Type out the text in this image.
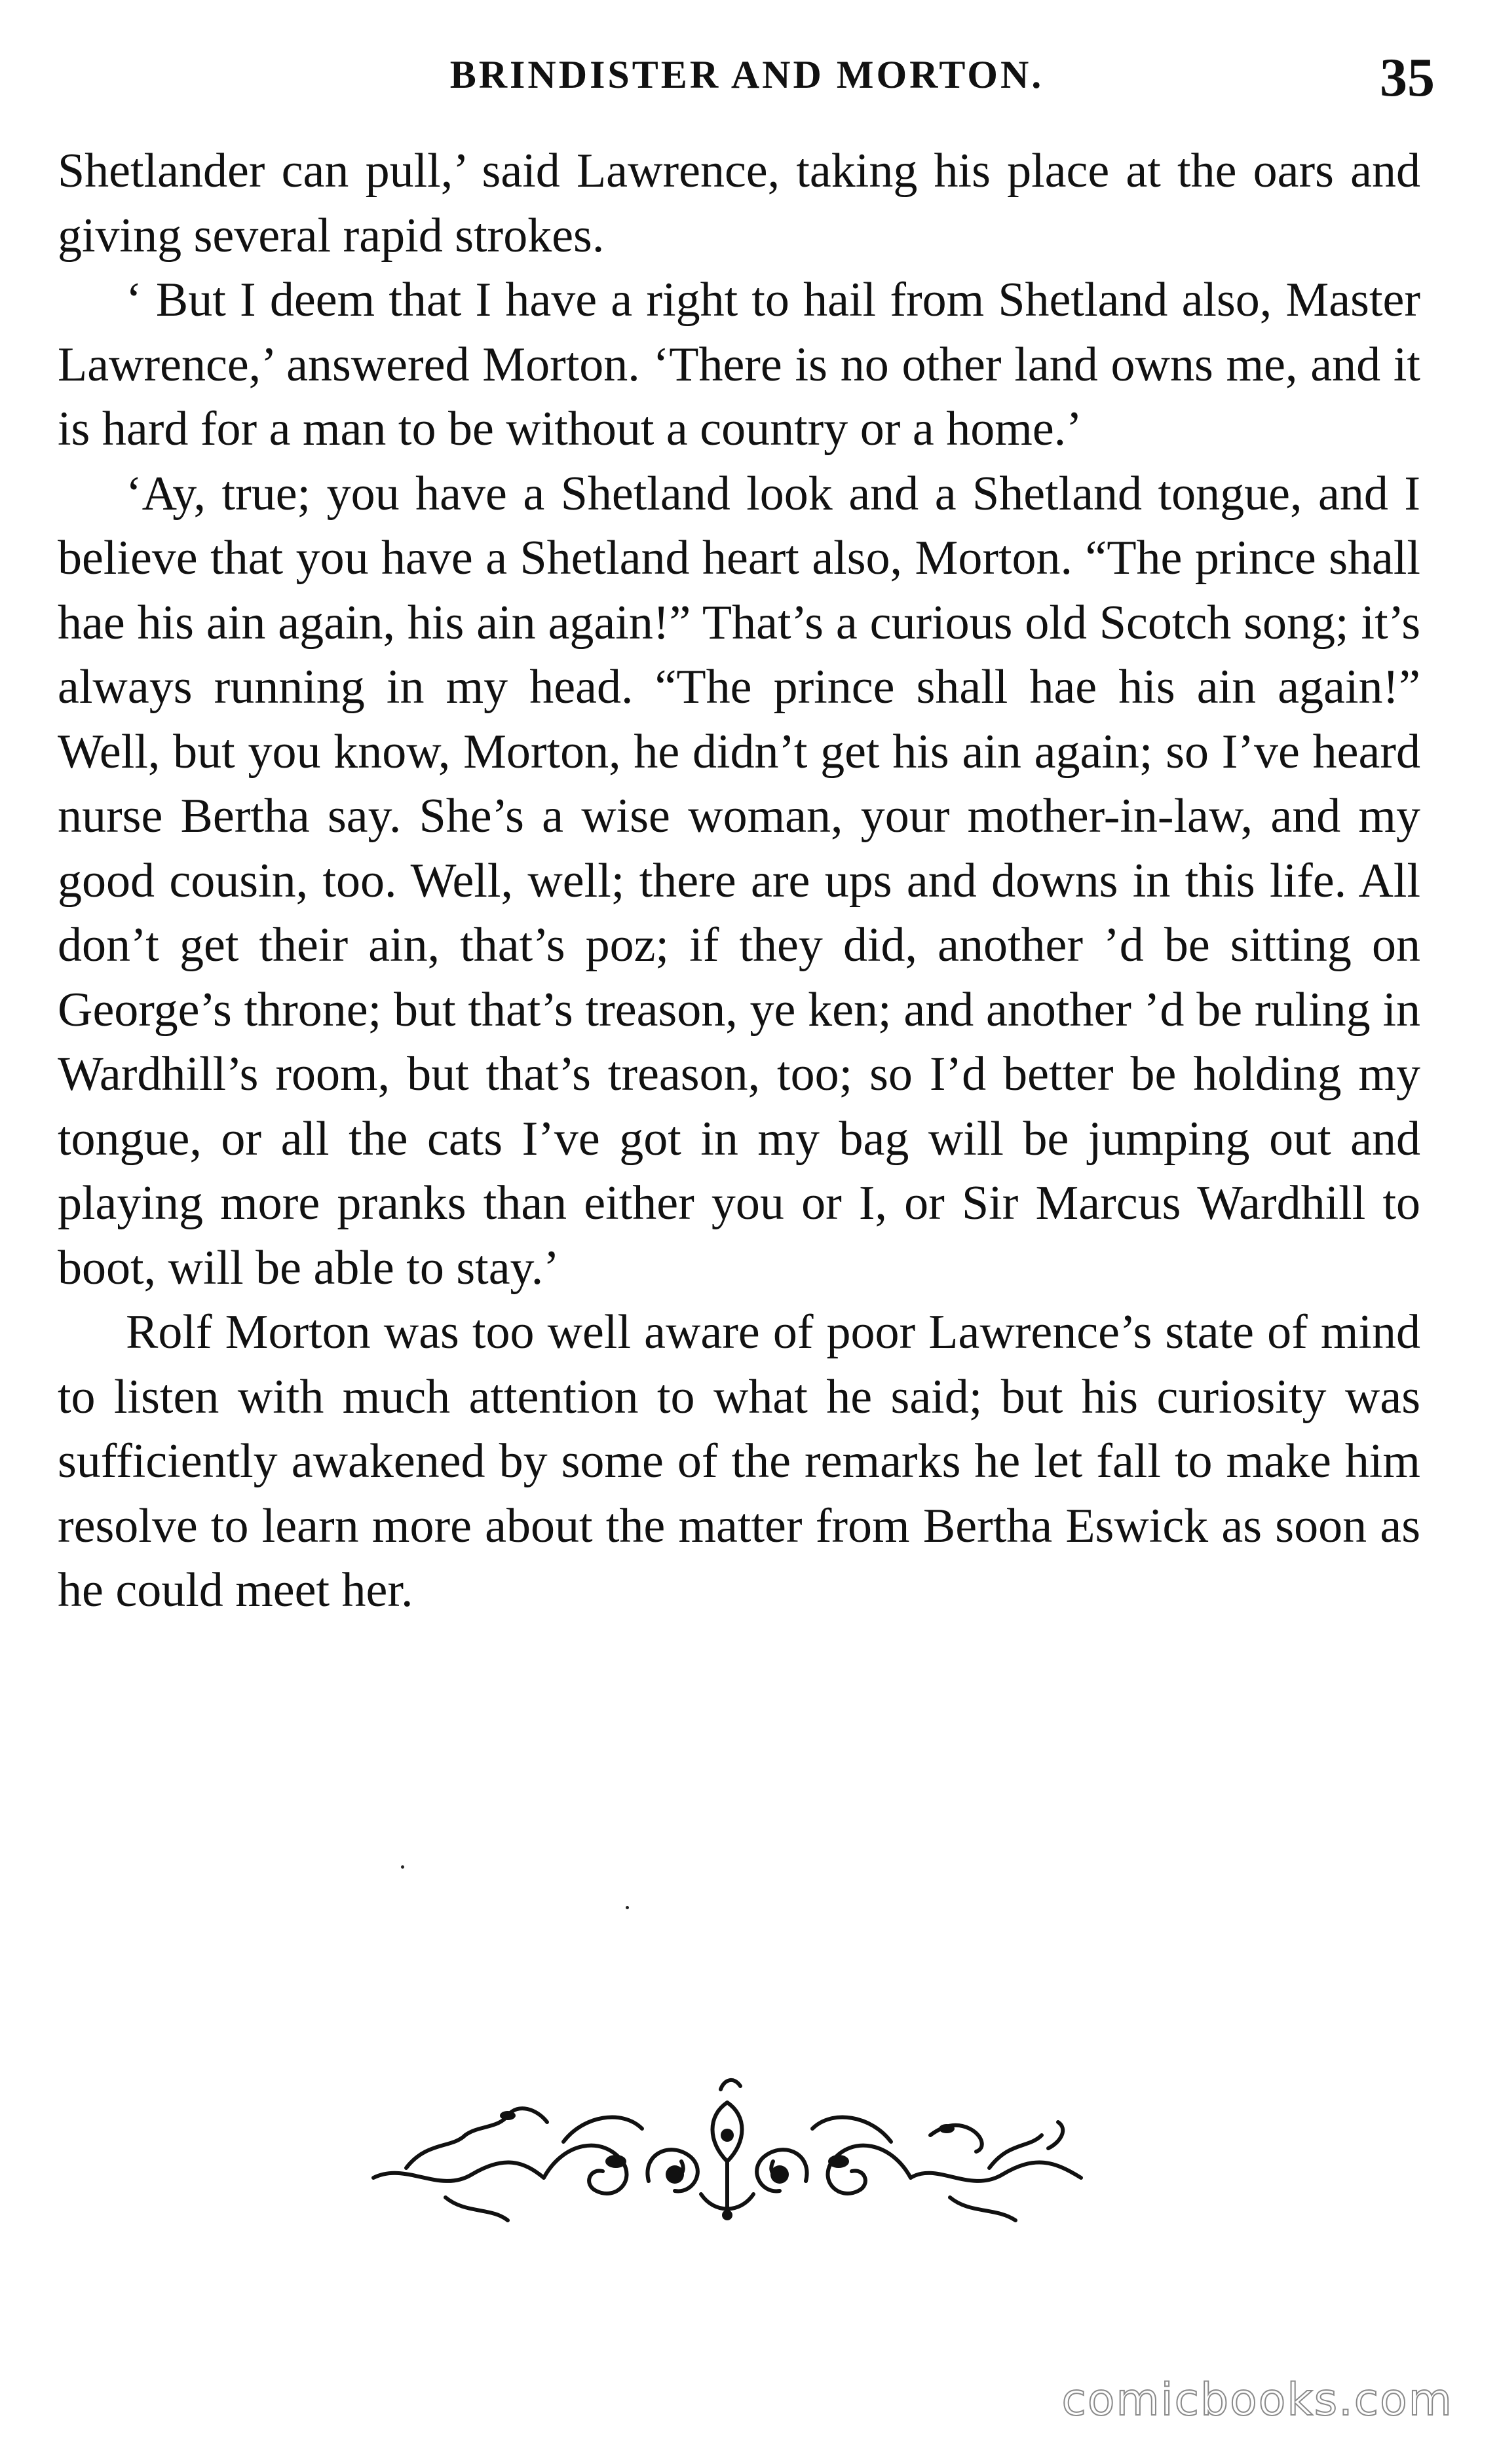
BRINDISTER AND MORTON.	35

Shetlander can pull,’ said Lawrence, taking his place at the oars and giving several rapid strokes.

‘ But I deem that I have a right to hail from Shetland also, Master Lawrence,’ answered Morton. ‘There is no other land owns me, and it is hard for a man to be without a country or a home.’

‘Ay, true; you have a Shetland look and a Shetland tongue, and I believe that you have a Shetland heart also, Morton. “The prince shall hae his ain again, his ain again!” That’s a curious old Scotch song; it’s always running in my head. “The prince shall hae his ain again!” Well, but you know, Morton, he didn’t get his ain again; so I’ve heard nurse Bertha say. She’s a wise woman, your mother-in-law, and my good cousin, too. Well, well; there are ups and downs in this life. All don’t get their ain, that’s poz; if they did, another ’d be sitting on George’s throne; but that’s treason, ye ken; and another ’d be ruling in Wardhill’s room, but that’s treason, too; so I’d better be holding my tongue, or all the cats I’ve got in my bag will be jumping out and playing more pranks than either you or I, or Sir Marcus Wardhill to boot, will be able to stay.’

Rolf Morton was too well aware of poor Lawrence’s state of mind to listen with much attention to what he said; but his curiosity was sufficiently awakened by some of the remarks he let fall to make him resolve to learn more about the matter from Bertha Eswick as soon as he could meet her.

comicbooks.com
